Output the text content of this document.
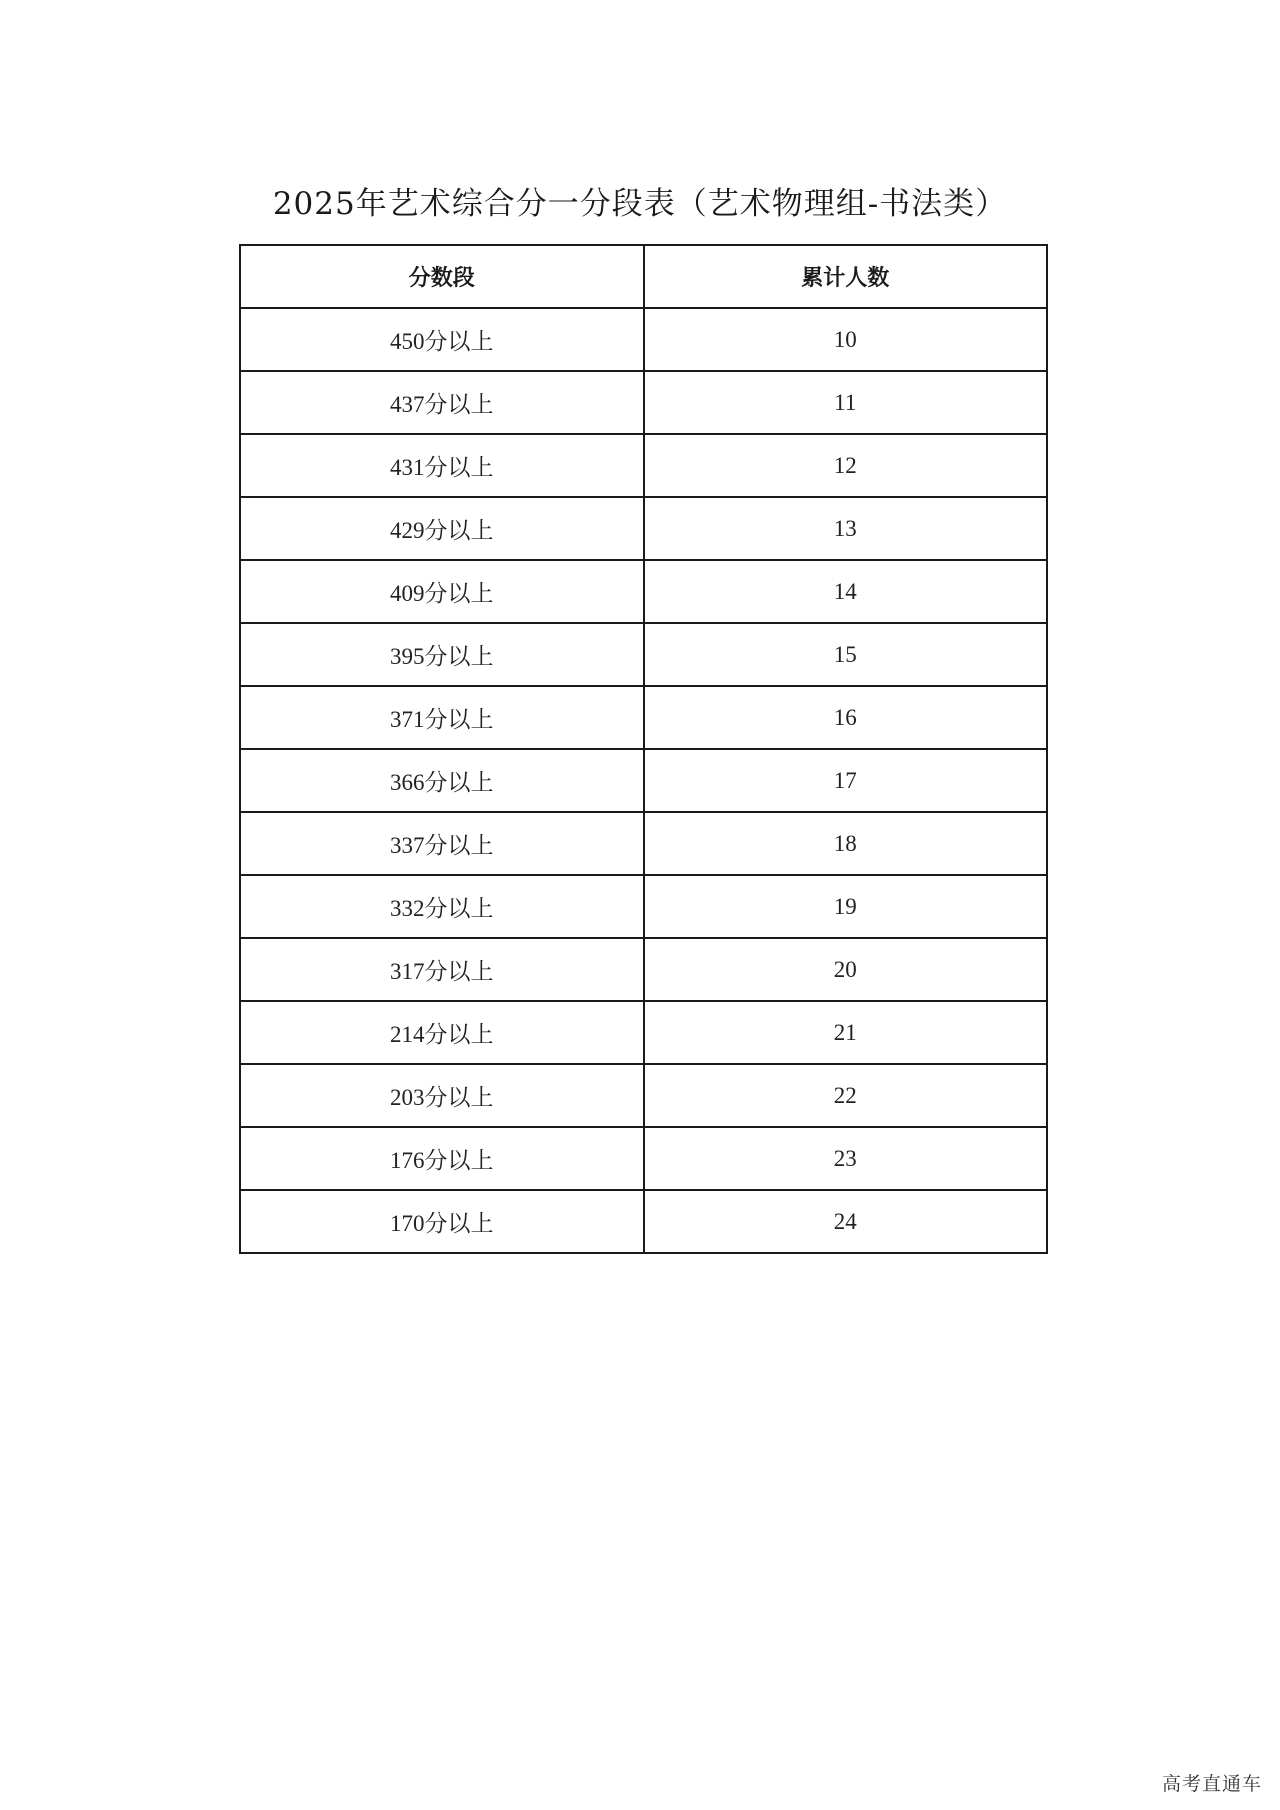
2025年艺术综合分一分段表（艺术物理组-书法类）
分数段	累计人数
450分以上	10
437分以上	11
431分以上	12
429分以上	13
409分以上	14
395分以上	15
371分以上	16
366分以上	17
337分以上	18
332分以上	19
317分以上	20
214分以上	21
203分以上	22
176分以上	23
170分以上	24
高考直通车
